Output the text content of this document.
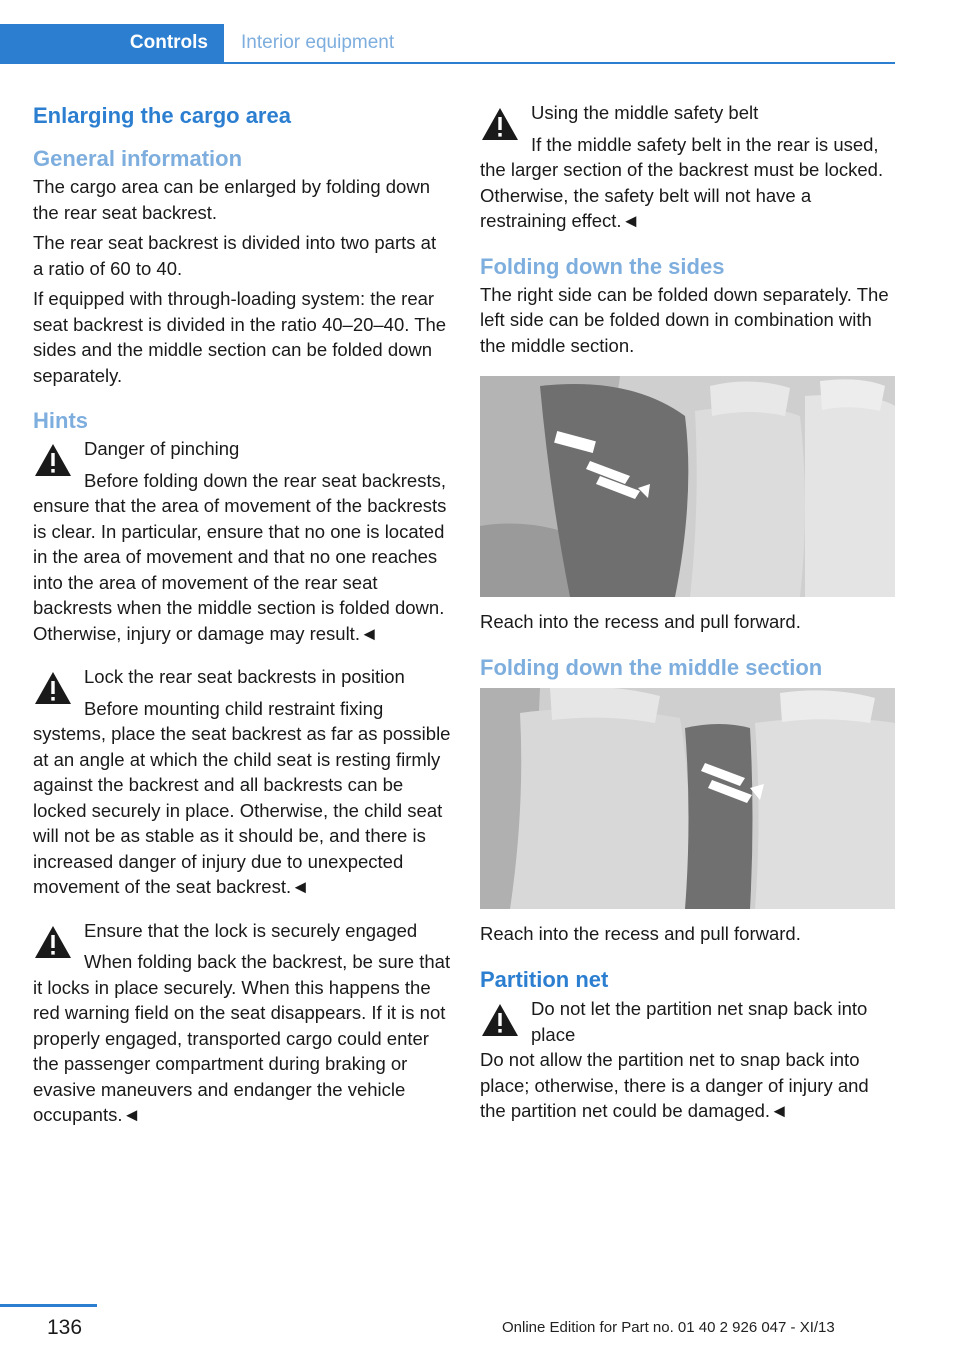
Controls	Interior equipment
Enlarging the cargo area
General information

The cargo area can be enlarged by folding down the rear seat backrest.

The rear seat backrest is divided into two parts at a ratio of 60 to 40.

If equipped with through-loading system: the rear seat backrest is divided in the ratio 40–20–40. The sides and the middle section can be folded down separately.

Hints
Danger of pinching

Before folding down the rear seat backrests, ensure that the area of movement of the backrests is clear. In particular, ensure that no one is located in the area of movement and that no one reaches into the area of movement of the rear seat backrests when the middle section is folded down. Otherwise, injury or damage may result.◄

Lock the rear seat backrests in position

Before mounting child restraint fixing systems, place the seat backrest as far as possible at an angle at which the child seat is resting firmly against the backrest and all backrests can be locked securely in place. Otherwise, the child seat will not be as stable as it should be, and there is increased danger of injury due to unexpected movement of the seat backrest.◄

Ensure that the lock is securely engaged

When folding back the backrest, be sure that it locks in place securely. When this happens the red warning field on the seat disappears. If it is not properly engaged, transported cargo could enter the passenger compartment during braking or evasive maneuvers and endanger the vehicle occupants.◄

Using the middle safety belt

If the middle safety belt in the rear is used, the larger section of the backrest must be locked. Otherwise, the safety belt will not have a restraining effect.◄

Folding down the sides

The right side can be folded down separately. The left side can be folded down in combination with the middle section.

Reach into the recess and pull forward.

Folding down the middle section

Reach into the recess and pull forward.

Partition net
Do not let the partition net snap back into place

Do not allow the partition net to snap back into place; otherwise, there is a danger of injury and the partition net could be damaged.◄

136	Online Edition for Part no. 01 40 2 926 047 - XI/13
